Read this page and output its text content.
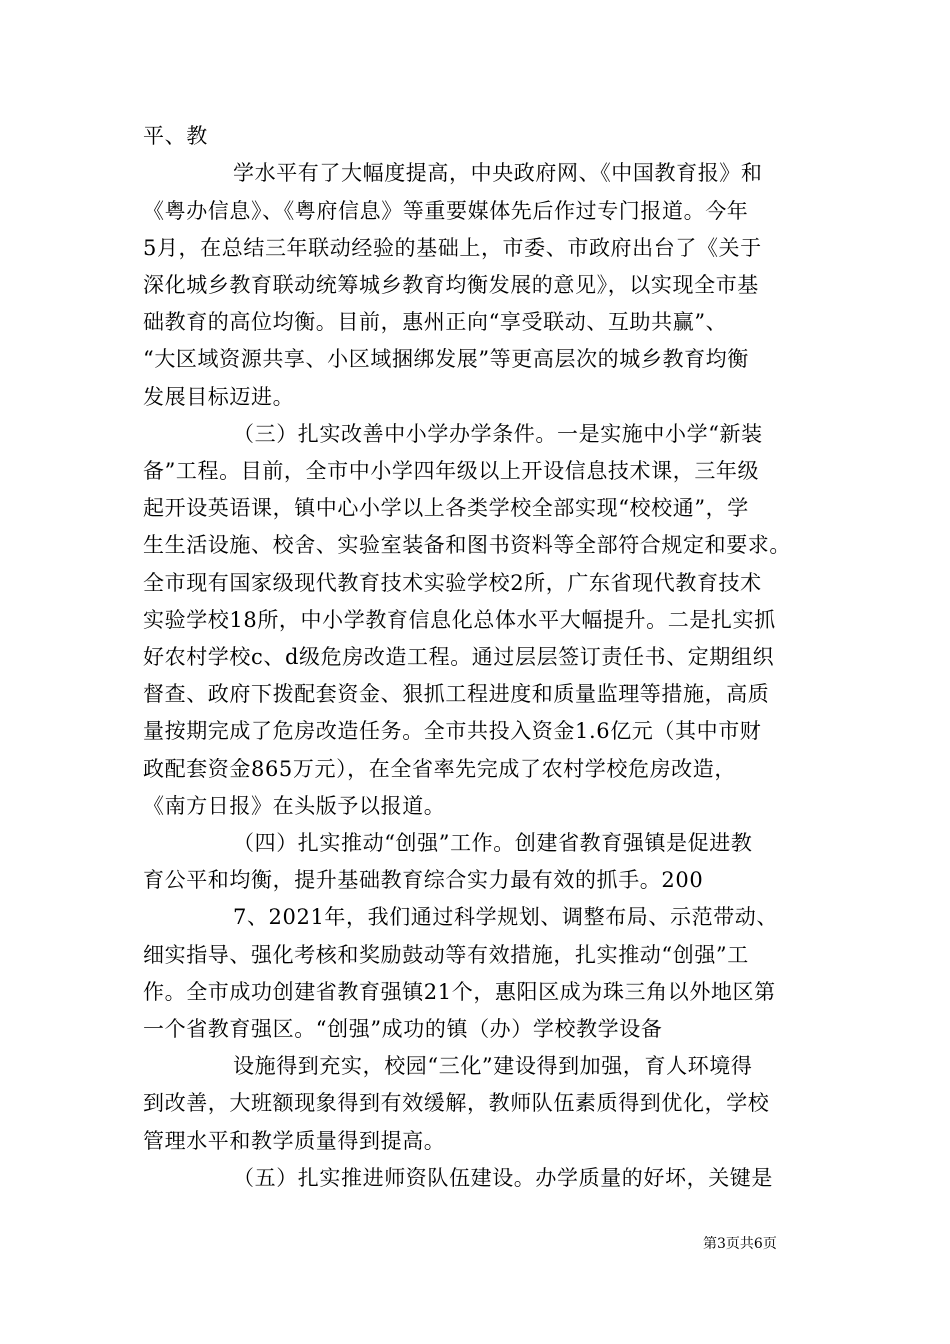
平、教
学水平有了大幅度提高，中央政府网、《中国教育报》和
《粤办信息》、《粤府信息》等重要媒体先后作过专门报道。今年
5月，在总结三年联动经验的基础上，市委、市政府出台了《关于
深化城乡教育联动统筹城乡教育均衡发展的意见》，以实现全市基
础教育的高位均衡。目前，惠州正向“享受联动、互助共赢”、
“大区域资源共享、小区域捆绑发展”等更高层次的城乡教育均衡
发展目标迈进。
（三）扎实改善中小学办学条件。一是实施中小学“新装
备”工程。目前，全市中小学四年级以上开设信息技术课，三年级
起开设英语课，镇中心小学以上各类学校全部实现“校校通”，学
生生活设施、校舍、实验室装备和图书资料等全部符合规定和要求。
全市现有国家级现代教育技术实验学校2所，广东省现代教育技术
实验学校18所，中小学教育信息化总体水平大幅提升。二是扎实抓
好农村学校c、d级危房改造工程。通过层层签订责任书、定期组织
督查、政府下拨配套资金、狠抓工程进度和质量监理等措施，高质
量按期完成了危房改造任务。全市共投入资金1.6亿元（其中市财
政配套资金865万元），在全省率先完成了农村学校危房改造，
《南方日报》在头版予以报道。
（四）扎实推动“创强”工作。创建省教育强镇是促进教
育公平和均衡，提升基础教育综合实力最有效的抓手。200
7、2021年，我们通过科学规划、调整布局、示范带动、
细实指导、强化考核和奖励鼓动等有效措施，扎实推动“创强”工
作。全市成功创建省教育强镇21个，惠阳区成为珠三角以外地区第
一个省教育强区。“创强”成功的镇（办）学校教学设备
设施得到充实，校园“三化”建设得到加强，育人环境得
到改善，大班额现象得到有效缓解，教师队伍素质得到优化，学校
管理水平和教学质量得到提高。
（五）扎实推进师资队伍建设。办学质量的好坏，关键是
第3页共6页
